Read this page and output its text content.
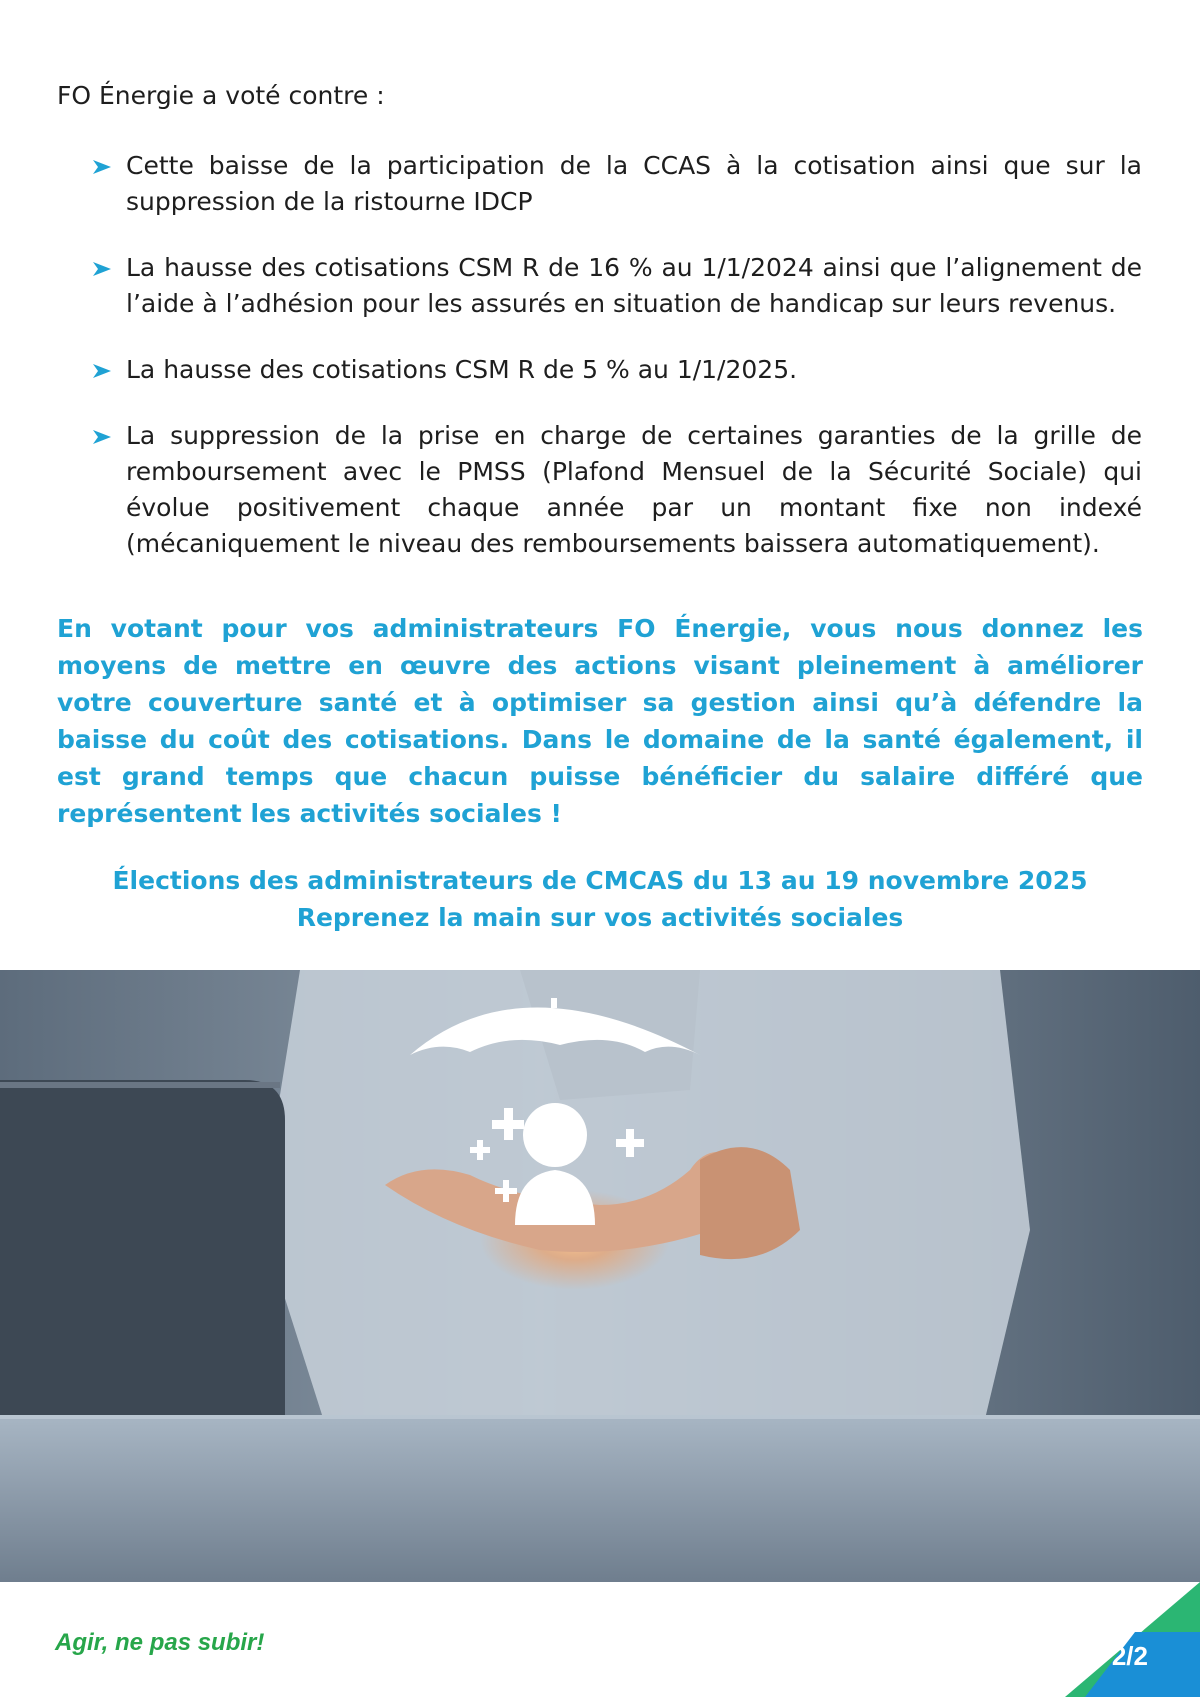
FO Énergie a voté contre :
Cette baisse de la participation de la CCAS à la cotisation ainsi que sur la suppression de la ristourne IDCP
La hausse des cotisations CSM R de 16 % au 1/1/2024 ainsi que l’alignement de l’aide à l’adhésion pour les assurés en situation de handicap sur leurs revenus.
La hausse des cotisations CSM R de 5 % au 1/1/2025.
La suppression de la prise en charge de certaines garanties de la grille de remboursement avec le PMSS (Plafond Mensuel de la Sécurité Sociale) qui évolue positivement chaque année par un montant fixe non indexé (mécaniquement le niveau des remboursements baissera automatiquement).
En votant pour vos administrateurs FO Énergie, vous nous donnez les moyens de mettre en œuvre des actions visant pleinement à améliorer votre couverture santé et à optimiser sa gestion ainsi qu’à défendre la baisse du coût des cotisations. Dans le domaine de la santé également, il est grand temps que chacun puisse bénéficier du salaire différé que représentent les activités sociales !
Élections des administrateurs de CMCAS du 13 au 19 novembre 2025
Reprenez la main sur vos activités sociales
Agir, ne pas subir!	2/2
